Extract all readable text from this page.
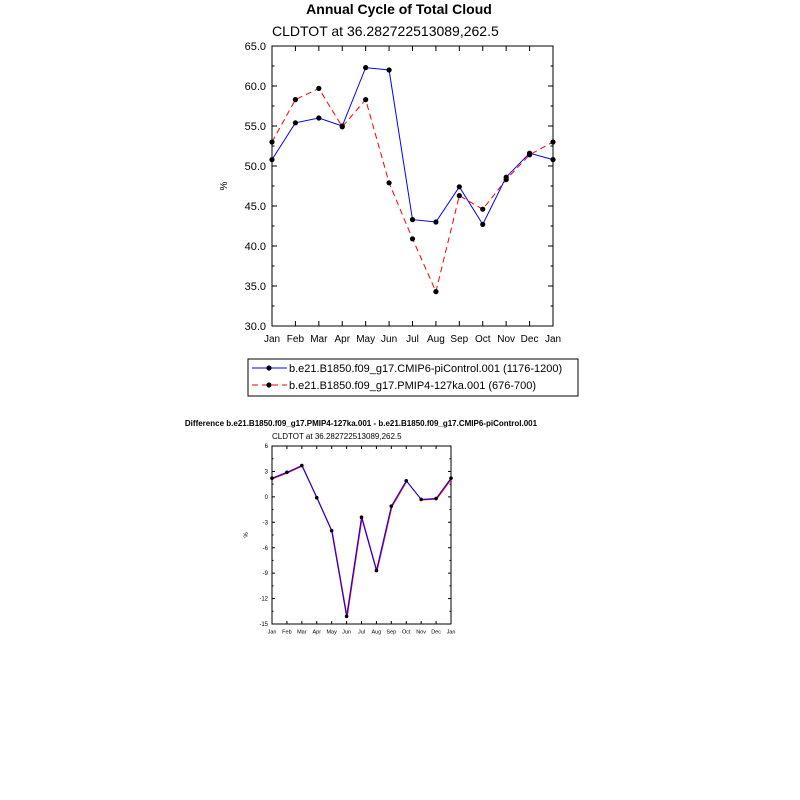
Annual Cycle of Total Cloud
CLDTOT at 36.282722513089,262.5
%
Difference b.e21.B1850.f09_g17.PMIP4-127ka.001 - b.e21.B1850.f09_g17.CMIP6-piControl.001
CLDTOT at 36.282722513089,262.5
%
Jan Feb Mar Apr May Jun Jul Aug Sep Oct Nov Dec Jan
30.0
35.0
40.0
45.0
50.0
55.0
60.0
65.0
b.e21.B1850.f09_g17.CMIP6-piControl.001 (1176-1200)
b.e21.B1850.f09_g17.PMIP4-127ka.001 (676-700)
Jan Feb Mar Apr May Jun Jul Aug Sep Oct Nov Dec Jan
-15
-12
-9
-6
-3
0
3
6
